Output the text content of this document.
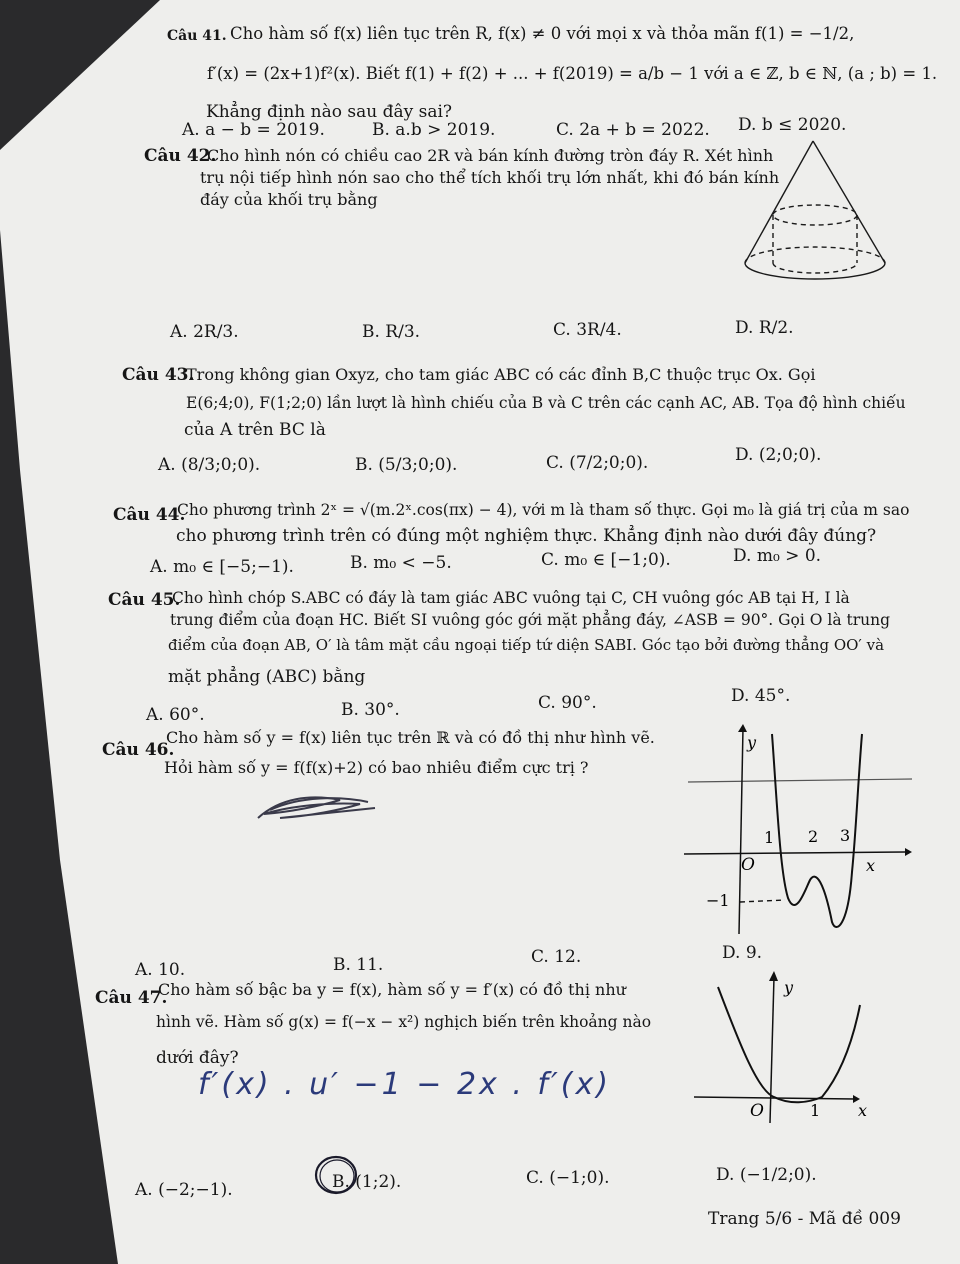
Câu 41. Cho hàm số f(x) liên tục trên R, f(x) ≠ 0 với mọi x và thỏa mãn f(1) = −1/2,
f′(x) = (2x+1)f²(x). Biết f(1) + f(2) + ... + f(2019) = a/b − 1 với a ∈ ℤ, b ∈ ℕ, (a ; b) = 1.
Khẳng định nào sau đây sai?
A. a − b = 2019.	B. a.b > 2019.	C. 2a + b = 2022. D. b ≤ 2020.
Câu 42.
Cho hình nón có chiều cao 2R và bán kính đường tròn đáy R. Xét hình
trụ nội tiếp hình nón sao cho thể tích khối trụ lớn nhất, khi đó bán kính
đáy của khối trụ bằng
A. 2R/3.	B. R/3.	C. 3R/4.	D. R/2.
Câu 43.
Trong không gian Oxyz, cho tam giác ABC có các đỉnh B,C thuộc trục Ox. Gọi
E(6;4;0), F(1;2;0) lần lượt là hình chiếu của B và C trên các cạnh AC, AB. Tọa độ hình chiếu
của A trên BC là
A. (8/3;0;0).	B. (5/3;0;0).	C. (7/2;0;0).	D. (2;0;0).
Câu 44.
Cho phương trình 2ˣ = √(m.2ˣ.cos(πx) − 4), với m là tham số thực. Gọi m₀ là giá trị của m sao
cho phương trình trên có đúng một nghiệm thực. Khẳng định nào dưới đây đúng?
A. m₀ ∈ [−5;−1).	B. m₀ < −5.	C. m₀ ∈ [−1;0).	D. m₀ > 0.
Câu 45.
Cho hình chóp S.ABC có đáy là tam giác ABC vuông tại C, CH vuông góc AB tại H, I là
trung điểm của đoạn HC. Biết SI vuông góc gới mặt phẳng đáy, ∠ASB = 90°. Gọi O là trung
điểm của đoạn AB, O′ là tâm mặt cầu ngoại tiếp tứ diện SABI. Góc tạo bởi đường thẳng OO′ và
mặt phẳng (ABC) bằng
A. 60°.	B. 30°.	C. 90°.	D. 45°.
Câu 46.
Cho hàm số y = f(x) liên tục trên ℝ và có đồ thị như hình vẽ.
Hỏi hàm số y = f(f(x)+2) có bao nhiêu điểm cực trị ?
y
x
O
1 2 3
−1
A. 10.	B. 11.	C. 12.	D. 9.
Câu 47.
Cho hàm số bậc ba y = f(x), hàm số y = f′(x) có đồ thị như
hình vẽ. Hàm số g(x) = f(−x − x²) nghịch biến trên khoảng nào
dưới đây?
f′(x) . u′ −1 − 2x . f′(x)
y
x
O	1
A. (−2;−1).	B. (1;2).	C. (−1;0).	D. (−1/2;0).
Trang 5/6 - Mã đề 009
